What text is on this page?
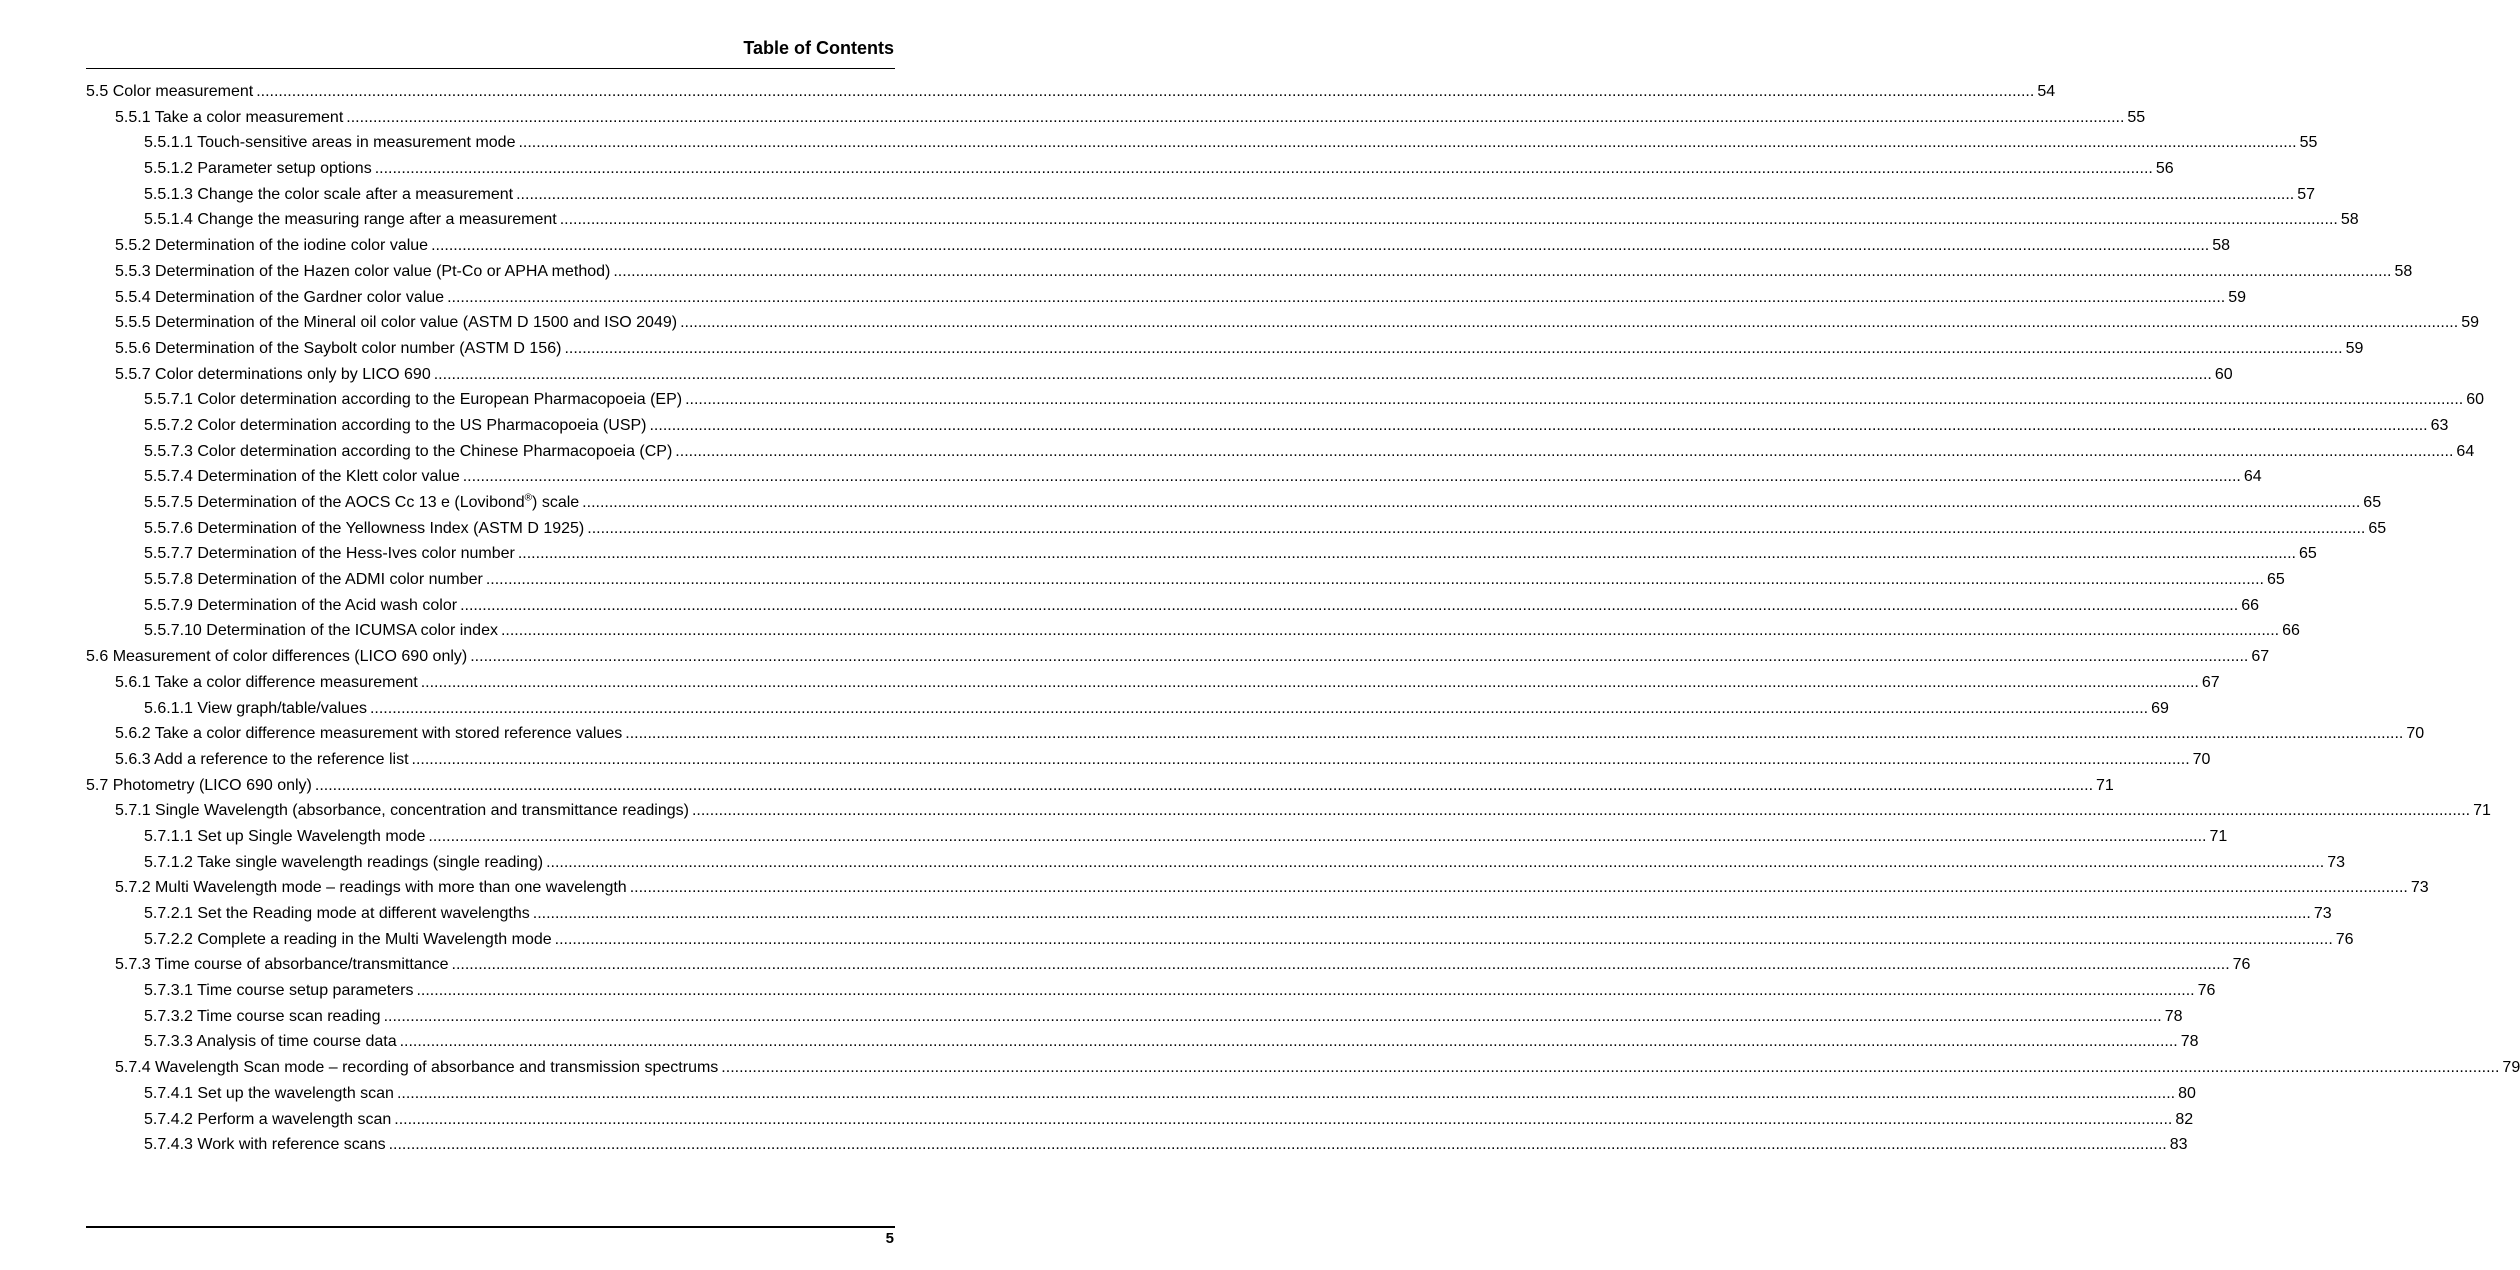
Table of Contents
5.5 Color measurement ................................................................................................................................................................................................................................................................................................................................................................................................................ 54
5.5.1 Take a color measurement ................................................................................................................................................................................................................................................................................................................................................................................................................ 55
5.5.1.1 Touch-sensitive areas in measurement mode ................................................................................................................................................................................................................................................................................................................................................................................................................ 55
5.5.1.2 Parameter setup options ................................................................................................................................................................................................................................................................................................................................................................................................................ 56
5.5.1.3 Change the color scale after a measurement ................................................................................................................................................................................................................................................................................................................................................................................................................ 57
5.5.1.4 Change the measuring range after a measurement ................................................................................................................................................................................................................................................................................................................................................................................................................ 58
5.5.2 Determination of the iodine color value ................................................................................................................................................................................................................................................................................................................................................................................................................ 58
5.5.3 Determination of the Hazen color value (Pt-Co or APHA method) ................................................................................................................................................................................................................................................................................................................................................................................................................ 58
5.5.4 Determination of the Gardner color value ................................................................................................................................................................................................................................................................................................................................................................................................................ 59
5.5.5 Determination of the Mineral oil color value (ASTM D 1500 and ISO 2049) ................................................................................................................................................................................................................................................................................................................................................................................................................ 59
5.5.6 Determination of the Saybolt color number (ASTM D 156) ................................................................................................................................................................................................................................................................................................................................................................................................................ 59
5.5.7 Color determinations only by LICO 690 ................................................................................................................................................................................................................................................................................................................................................................................................................ 60
5.5.7.1 Color determination according to the European Pharmacopoeia (EP) ................................................................................................................................................................................................................................................................................................................................................................................................................ 60
5.5.7.2 Color determination according to the US Pharmacopoeia (USP) ................................................................................................................................................................................................................................................................................................................................................................................................................ 63
5.5.7.3 Color determination according to the Chinese Pharmacopoeia (CP) ................................................................................................................................................................................................................................................................................................................................................................................................................ 64
5.5.7.4 Determination of the Klett color value ................................................................................................................................................................................................................................................................................................................................................................................................................ 64
5.5.7.5 Determination of the AOCS Cc 13 e (Lovibond®) scale ................................................................................................................................................................................................................................................................................................................................................................................................................ 65
5.5.7.6 Determination of the Yellowness Index (ASTM D 1925) ................................................................................................................................................................................................................................................................................................................................................................................................................ 65
5.5.7.7 Determination of the Hess-Ives color number ................................................................................................................................................................................................................................................................................................................................................................................................................ 65
5.5.7.8 Determination of the ADMI color number ................................................................................................................................................................................................................................................................................................................................................................................................................ 65
5.5.7.9 Determination of the Acid wash color ................................................................................................................................................................................................................................................................................................................................................................................................................ 66
5.5.7.10 Determination of the ICUMSA color index ................................................................................................................................................................................................................................................................................................................................................................................................................ 66
5.6 Measurement of color differences (LICO 690 only) ................................................................................................................................................................................................................................................................................................................................................................................................................ 67
5.6.1 Take a color difference measurement ................................................................................................................................................................................................................................................................................................................................................................................................................ 67
5.6.1.1 View graph/table/values ................................................................................................................................................................................................................................................................................................................................................................................................................ 69
5.6.2 Take a color difference measurement with stored reference values ................................................................................................................................................................................................................................................................................................................................................................................................................ 70
5.6.3 Add a reference to the reference list ................................................................................................................................................................................................................................................................................................................................................................................................................ 70
5.7 Photometry (LICO 690 only) ................................................................................................................................................................................................................................................................................................................................................................................................................ 71
5.7.1 Single Wavelength (absorbance, concentration and transmittance readings) ................................................................................................................................................................................................................................................................................................................................................................................................................ 71
5.7.1.1 Set up Single Wavelength mode ................................................................................................................................................................................................................................................................................................................................................................................................................ 71
5.7.1.2 Take single wavelength readings (single reading) ................................................................................................................................................................................................................................................................................................................................................................................................................ 73
5.7.2 Multi Wavelength mode – readings with more than one wavelength ................................................................................................................................................................................................................................................................................................................................................................................................................ 73
5.7.2.1 Set the Reading mode at different wavelengths ................................................................................................................................................................................................................................................................................................................................................................................................................ 73
5.7.2.2 Complete a reading in the Multi Wavelength mode ................................................................................................................................................................................................................................................................................................................................................................................................................ 76
5.7.3 Time course of absorbance/transmittance ................................................................................................................................................................................................................................................................................................................................................................................................................ 76
5.7.3.1 Time course setup parameters ................................................................................................................................................................................................................................................................................................................................................................................................................ 76
5.7.3.2 Time course scan reading ................................................................................................................................................................................................................................................................................................................................................................................................................ 78
5.7.3.3 Analysis of time course data ................................................................................................................................................................................................................................................................................................................................................................................................................ 78
5.7.4 Wavelength Scan mode – recording of absorbance and transmission spectrums ................................................................................................................................................................................................................................................................................................................................................................................................................ 79
5.7.4.1 Set up the wavelength scan ................................................................................................................................................................................................................................................................................................................................................................................................................ 80
5.7.4.2 Perform a wavelength scan ................................................................................................................................................................................................................................................................................................................................................................................................................ 82
5.7.4.3 Work with reference scans ................................................................................................................................................................................................................................................................................................................................................................................................................ 83
5
